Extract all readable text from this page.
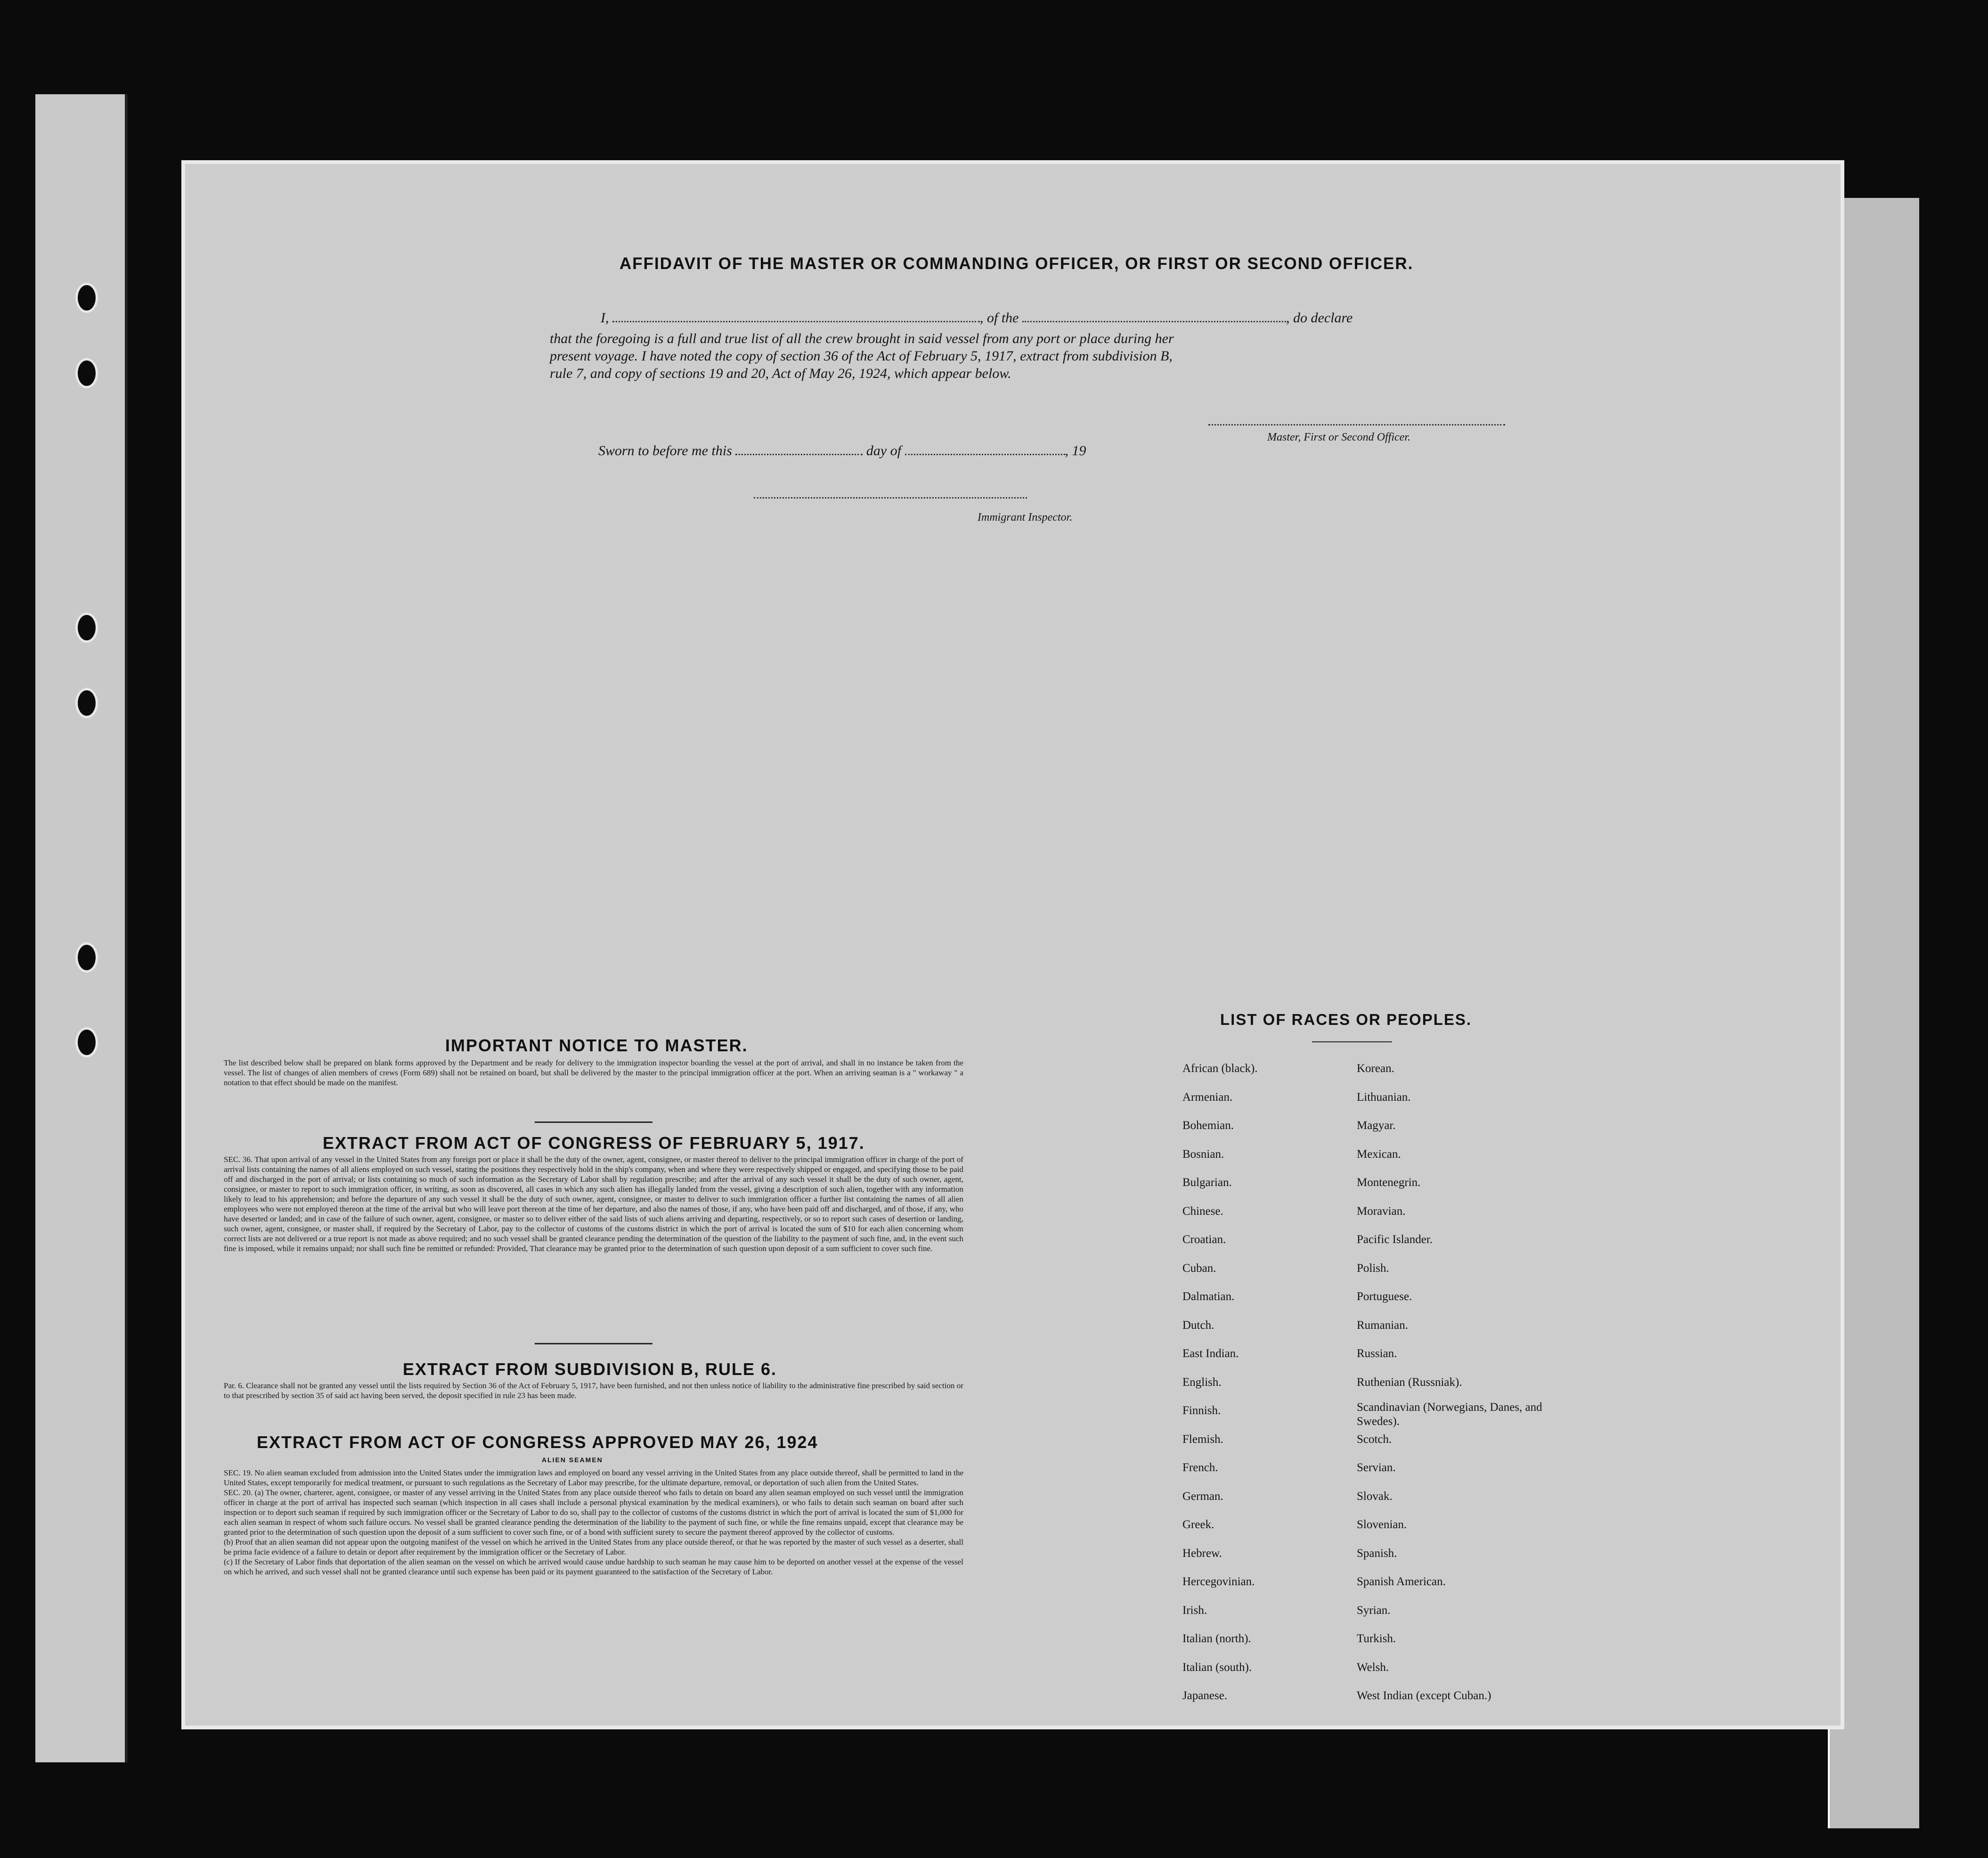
AFFIDAVIT OF THE MASTER OR COMMANDING OFFICER, OR FIRST OR SECOND OFFICER.
I,	, of the	, do declare
that the foregoing is a full and true list of all the crew brought in said vessel from any port or place during her present voyage. I have noted the copy of section 36 of the Act of February 5, 1917, extract from subdivision B, rule 7, and copy of sections 19 and 20, Act of May 26, 1924, which appear below.
Master, First or Second Officer.
Sworn to before me this	day of	, 19
Immigrant Inspector.
IMPORTANT NOTICE TO MASTER.
The list described below shall be prepared on blank forms approved by the Department and be ready for delivery to the immigration inspector boarding the vessel at the port of arrival, and shall in no instance be taken from the vessel. The list of changes of alien members of crews (Form 689) shall not be retained on board, but shall be delivered by the master to the principal immigration officer at the port. When an arriving seaman is a " workaway " a notation to that effect should be made on the manifest.
EXTRACT FROM ACT OF CONGRESS OF FEBRUARY 5, 1917.
SEC. 36. That upon arrival of any vessel in the United States from any foreign port or place it shall be the duty of the owner, agent, consignee, or master thereof to deliver to the principal immigration officer in charge of the port of arrival lists containing the names of all aliens employed on such vessel, stating the positions they respectively hold in the ship's company, when and where they were respectively shipped or engaged, and specifying those to be paid off and discharged in the port of arrival; or lists containing so much of such information as the Secretary of Labor shall by regulation prescribe; and after the arrival of any such vessel it shall be the duty of such owner, agent, consignee, or master to report to such immigration officer, in writing, as soon as discovered, all cases in which any such alien has illegally landed from the vessel, giving a description of such alien, together with any information likely to lead to his apprehension; and before the departure of any such vessel it shall be the duty of such owner, agent, consignee, or master to deliver to such immigration officer a further list containing the names of all alien employees who were not employed thereon at the time of the arrival but who will leave port thereon at the time of her departure, and also the names of those, if any, who have been paid off and discharged, and of those, if any, who have deserted or landed; and in case of the failure of such owner, agent, consignee, or master so to deliver either of the said lists of such aliens arriving and departing, respectively, or so to report such cases of desertion or landing, such owner, agent, consignee, or master shall, if required by the Secretary of Labor, pay to the collector of customs of the customs district in which the port of arrival is located the sum of $10 for each alien concerning whom correct lists are not delivered or a true report is not made as above required; and no such vessel shall be granted clearance pending the determination of the question of the liability to the payment of such fine, and, in the event such fine is imposed, while it remains unpaid; nor shall such fine be remitted or refunded: Provided, That clearance may be granted prior to the determination of such question upon deposit of a sum sufficient to cover such fine.
EXTRACT FROM SUBDIVISION B, RULE 6.
Par. 6. Clearance shall not be granted any vessel until the lists required by Section 36 of the Act of February 5, 1917, have been furnished, and not then unless notice of liability to the administrative fine prescribed by said section or to that prescribed by section 35 of said act having been served, the deposit specified in rule 23 has been made.
EXTRACT FROM ACT OF CONGRESS APPROVED MAY 26, 1924
ALIEN SEAMEN
SEC. 19. No alien seaman excluded from admission into the United States under the immigration laws and employed on board any vessel arriving in the United States from any place outside thereof, shall be permitted to land in the United States, except temporarily for medical treatment, or pursuant to such regulations as the Secretary of Labor may prescribe, for the ultimate departure, removal, or deportation of such alien from the United States.
SEC. 20. (a) The owner, charterer, agent, consignee, or master of any vessel arriving in the United States from any place outside thereof who fails to detain on board any alien seaman employed on such vessel until the immigration officer in charge at the port of arrival has inspected such seaman (which inspection in all cases shall include a personal physical examination by the medical examiners), or who fails to detain such seaman on board after such inspection or to deport such seaman if required by such immigration officer or the Secretary of Labor to do so, shall pay to the collector of customs of the customs district in which the port of arrival is located the sum of $1,000 for each alien seaman in respect of whom such failure occurs. No vessel shall be granted clearance pending the determination of the liability to the payment of such fine, or while the fine remains unpaid, except that clearance may be granted prior to the determination of such question upon the deposit of a sum sufficient to cover such fine, or of a bond with sufficient surety to secure the payment thereof approved by the collector of customs.
(b) Proof that an alien seaman did not appear upon the outgoing manifest of the vessel on which he arrived in the United States from any place outside thereof, or that he was reported by the master of such vessel as a deserter, shall be prima facie evidence of a failure to detain or deport after requirement by the immigration officer or the Secretary of Labor.
(c) If the Secretary of Labor finds that deportation of the alien seaman on the vessel on which he arrived would cause undue hardship to such seaman he may cause him to be deported on another vessel at the expense of the vessel on which he arrived, and such vessel shall not be granted clearance until such expense has been paid or its payment guaranteed to the satisfaction of the Secretary of Labor.
LIST OF RACES OR PEOPLES.
African (black).
Armenian.
Bohemian.
Bosnian.
Bulgarian.
Chinese.
Croatian.
Cuban.
Dalmatian.
Dutch.
East Indian.
English.
Finnish.
Flemish.
French.
German.
Greek.
Hebrew.
Hercegovinian.
Irish.
Italian (north).
Italian (south).
Japanese.
Korean.
Lithuanian.
Magyar.
Mexican.
Montenegrin.
Moravian.
Pacific Islander.
Polish.
Portuguese.
Rumanian.
Russian.
Ruthenian (Russniak).
Scandinavian (Norwegians, Danes, and Swedes).
Scotch.
Servian.
Slovak.
Slovenian.
Spanish.
Spanish American.
Syrian.
Turkish.
Welsh.
West Indian (except Cuban.)
